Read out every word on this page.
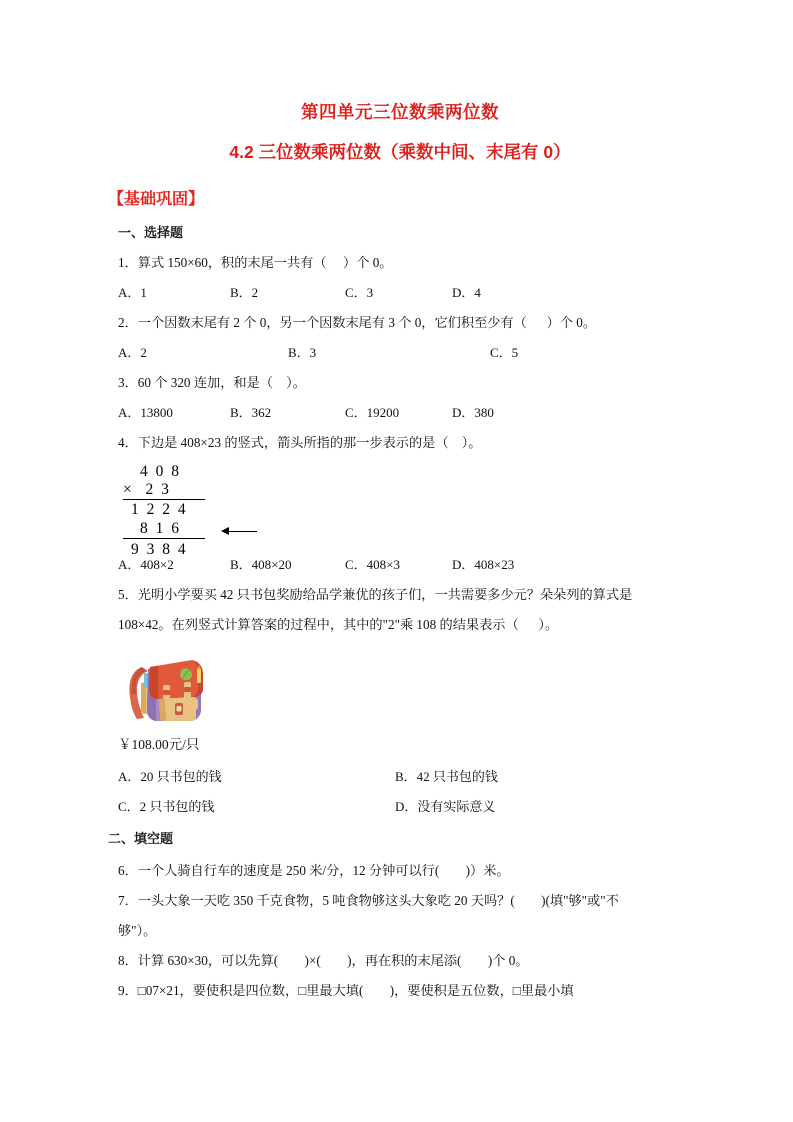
第四单元三位数乘两位数
4.2 三位数乘两位数（乘数中间、末尾有 0）
【基础巩固】
一、选择题
1．算式 150×60，积的末尾一共有（     ）个 0。
A．1	B．2	C．3	D．4
2．一个因数末尾有 2 个 0，另一个因数末尾有 3 个 0，它们积至少有（      ）个 0。
A．2	B．3	C．5
3．60 个 320 连加，和是（    ）。
A．13800	B．362	C．19200	D．380
4．下边是 408×23 的竖式，箭头所指的那一步表示的是（    ）。
4 0 8
× 2 3
1 2 2 4
8 1 6
9 3 8 4
A．408×2	B．408×20	C．408×3	D．408×23
5．光明小学要买 42 只书包奖励给品学兼优的孩子们，一共需要多少元？朵朵列的算式是
108×42。在列竖式计算答案的过程中，其中的"2"乘 108 的结果表示（      ）。
￥108.00元/只
A．20 只书包的钱	B．42 只书包的钱
C．2 只书包的钱	D．没有实际意义
二、填空题
6．一个人骑自行车的速度是 250 米/分，12 分钟可以行(        )）米。
7．一头大象一天吃 350 千克食物，5 吨食物够这头大象吃 20 天吗？(        )(填"够"或"不
够"）。
8．计算 630×30，可以先算(        )×(        )，再在积的末尾添(        )个 0。
9．□07×21，要使积是四位数，□里最大填(        )，要使积是五位数，□里最小填
